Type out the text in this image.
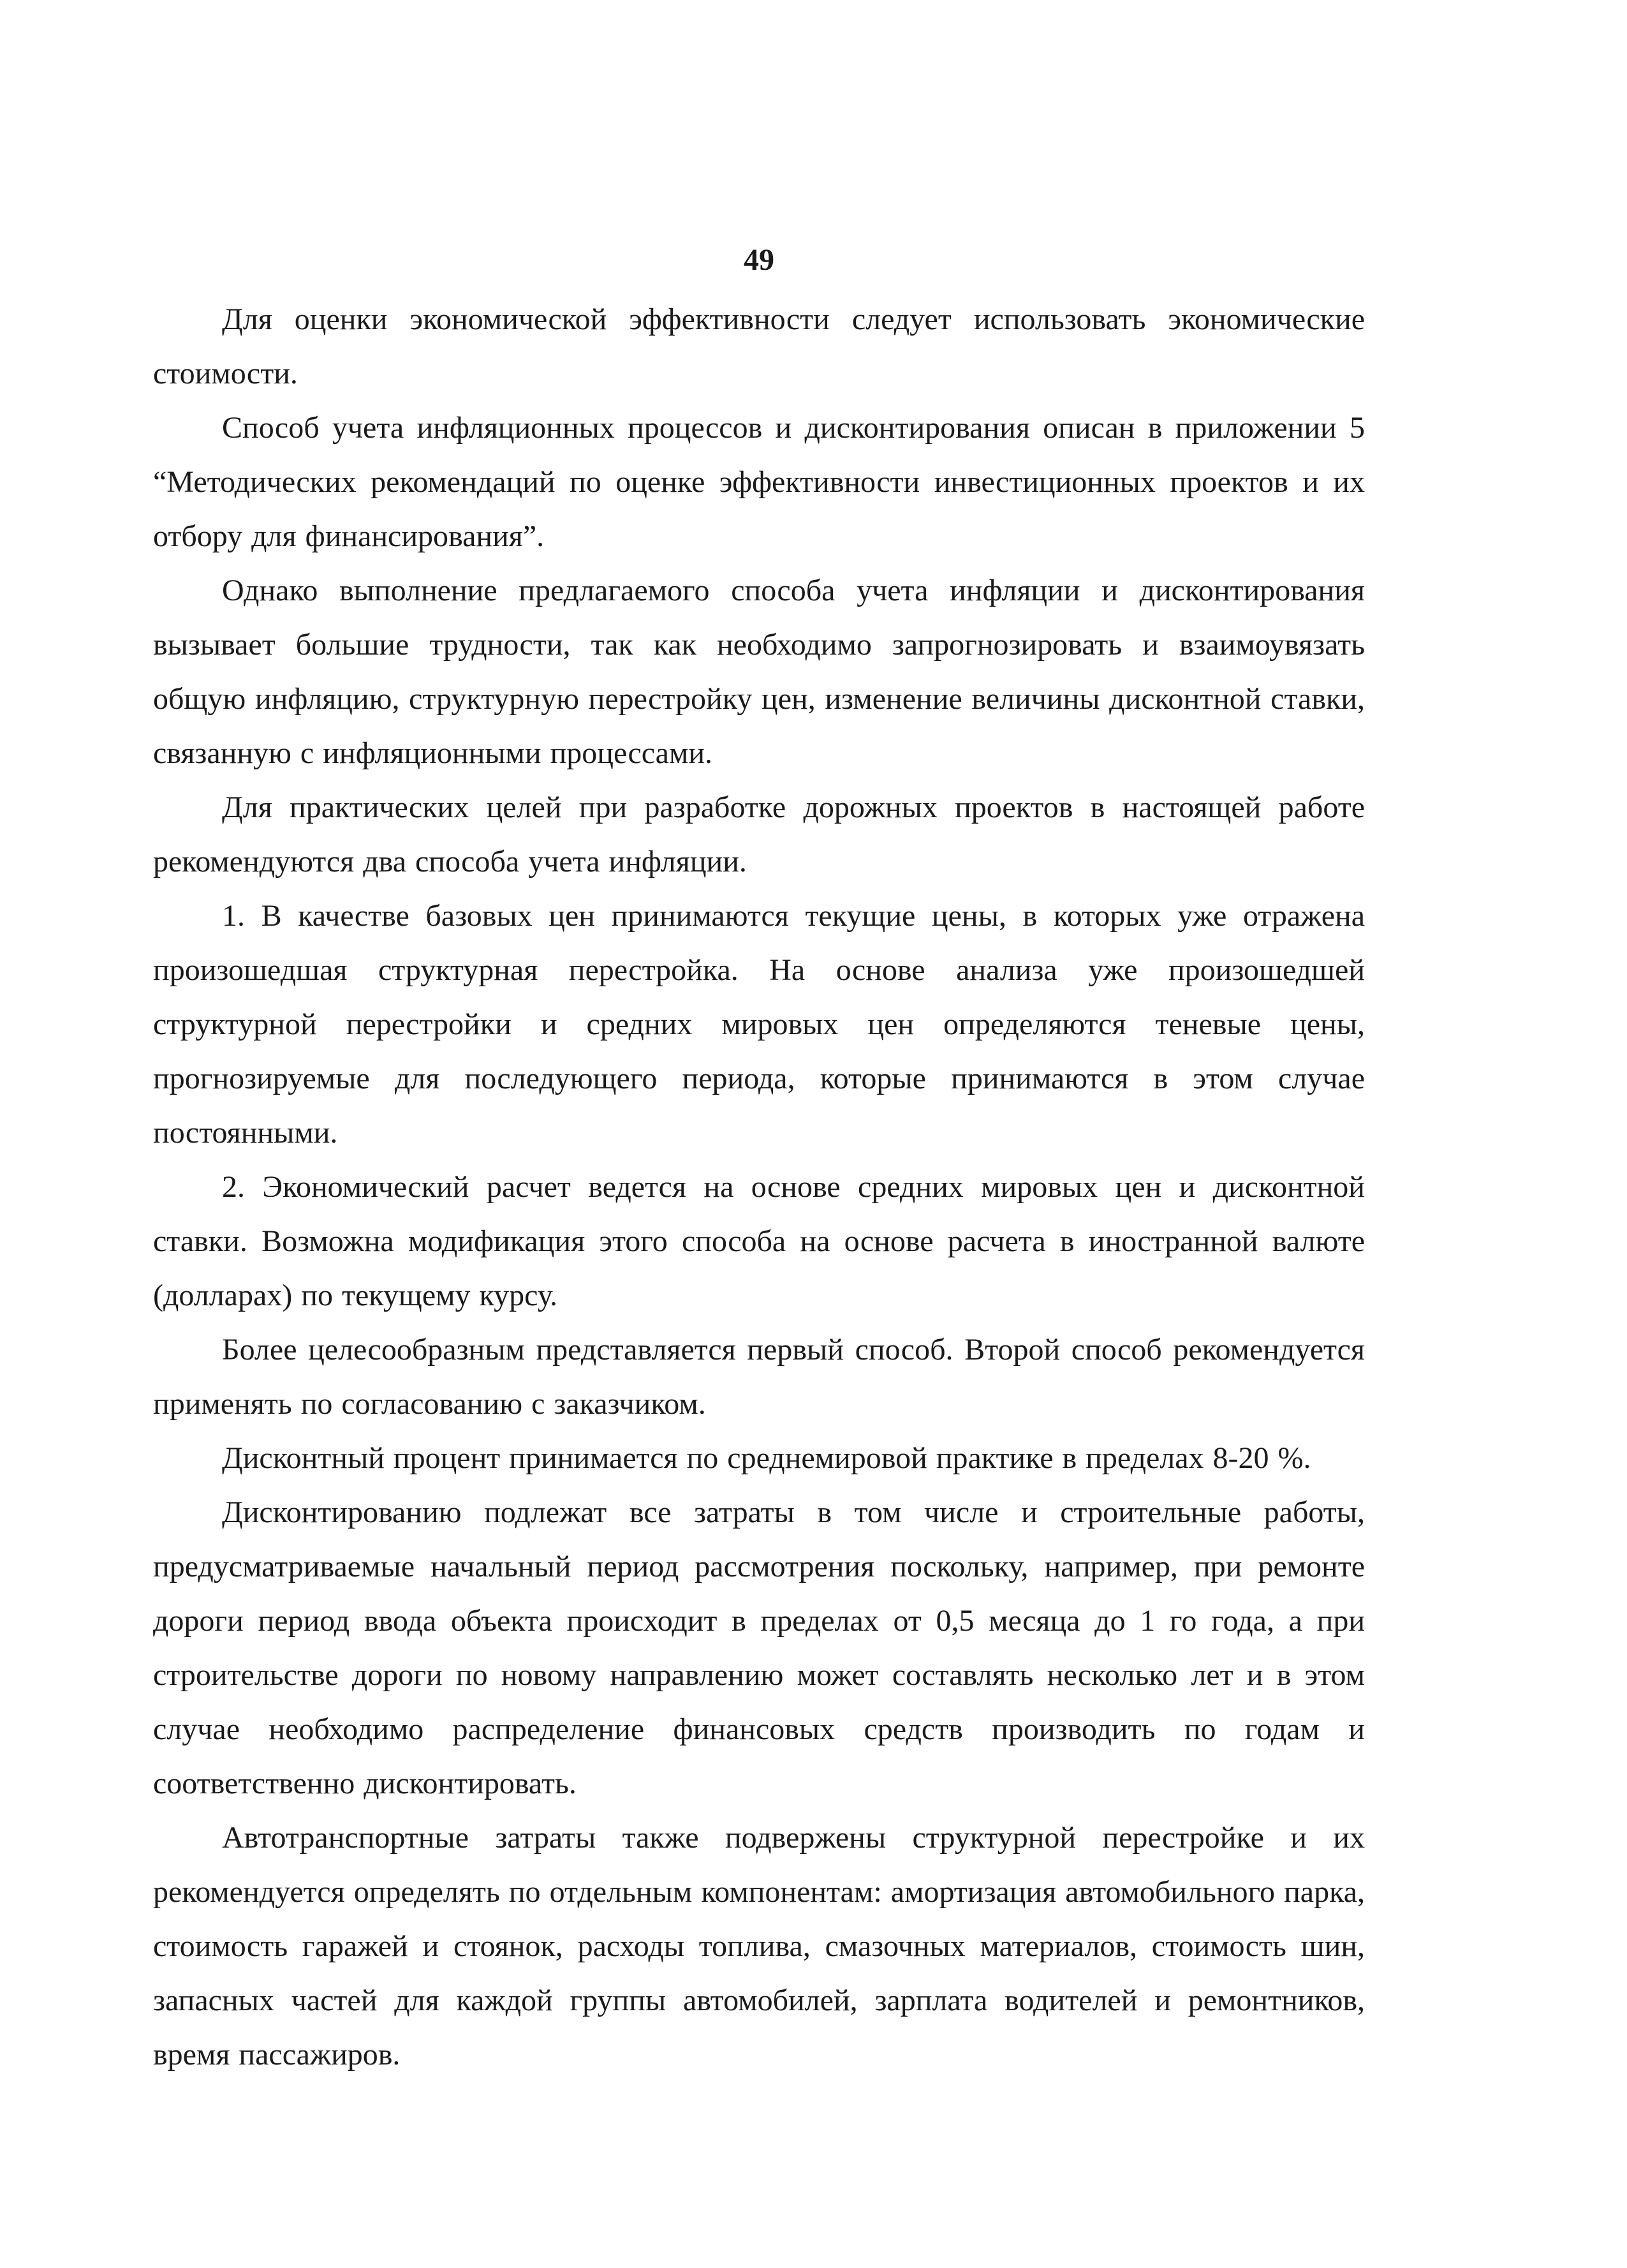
49

Для оценки экономической эффективности следует использовать экономические стоимости.

Способ учета инфляционных процессов и дисконтирования описан в приложении 5 “Методических рекомендаций по оценке эффективности инвестиционных проектов и их отбору для финансирования”.

Однако выполнение предлагаемого способа учета инфляции и дисконтирования вызывает большие трудности, так как необходимо запрогнозировать и взаимоувязать общую инфляцию, структурную перестройку цен, изменение величины дисконтной ставки, связанную с инфляционными процессами.

Для практических целей при разработке дорожных проектов в настоящей работе рекомендуются два способа учета инфляции.

1. В качестве базовых цен принимаются текущие цены, в которых уже отражена произошедшая структурная перестройка. На основе анализа уже произошедшей структурной перестройки и средних мировых цен определяются теневые цены, прогнозируемые для последующего периода, которые принимаются в этом случае постоянными.

2. Экономический расчет ведется на основе средних мировых цен и дисконтной ставки. Возможна модификация этого способа на основе расчета в иностранной валюте (долларах) по текущему курсу.

Более целесообразным представляется первый способ. Второй способ рекомендуется применять по согласованию с заказчиком.

Дисконтный процент принимается по среднемировой практике в пределах 8-20 %.

Дисконтированию подлежат все затраты в том числе и строительные работы, предусматриваемые начальный период рассмотрения поскольку, например, при ремонте дороги период ввода объекта происходит в пределах от 0,5 месяца до 1 го года, а при строительстве дороги по новому направлению может составлять несколько лет и в этом случае необходимо распределение финансовых средств производить по годам и соответственно дисконтировать.

Автотранспортные затраты также подвержены структурной перестройке и их рекомендуется определять по отдельным компонентам: амортизация автомобильного парка, стоимость гаражей и стоянок, расходы топлива, смазочных материалов, стоимость шин, запасных частей для каждой группы автомобилей, зарплата водителей и ремонтников, время пассажиров.
